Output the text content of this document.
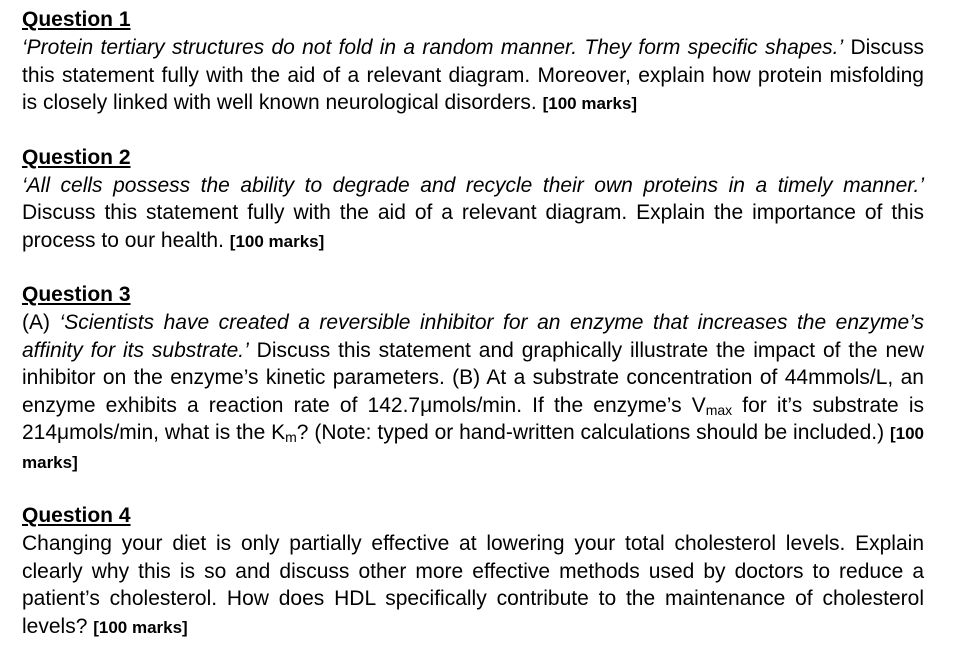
Question 1

‘Protein tertiary structures do not fold in a random manner. They form specific shapes.’ Discuss this statement fully with the aid of a relevant diagram. Moreover, explain how protein misfolding is closely linked with well known neurological disorders. [100 marks]

Question 2

‘All cells possess the ability to degrade and recycle their own proteins in a timely manner.’ Discuss this statement fully with the aid of a relevant diagram. Explain the importance of this process to our health. [100 marks]

Question 3

(A) ‘Scientists have created a reversible inhibitor for an enzyme that increases the enzyme’s affinity for its substrate.’ Discuss this statement and graphically illustrate the impact of the new inhibitor on the enzyme’s kinetic parameters. (B) At a substrate concentration of 44mmols/L, an enzyme exhibits a reaction rate of 142.7μmols/min. If the enzyme’s $V_{max}$ for it’s substrate is 214μmols/min, what is the $K_m$? (Note: typed or hand-written calculations should be included.) [100 marks]

Question 4

Changing your diet is only partially effective at lowering your total cholesterol levels. Explain clearly why this is so and discuss other more effective methods used by doctors to reduce a patient’s cholesterol. How does HDL specifically contribute to the maintenance of cholesterol levels? [100 marks]
